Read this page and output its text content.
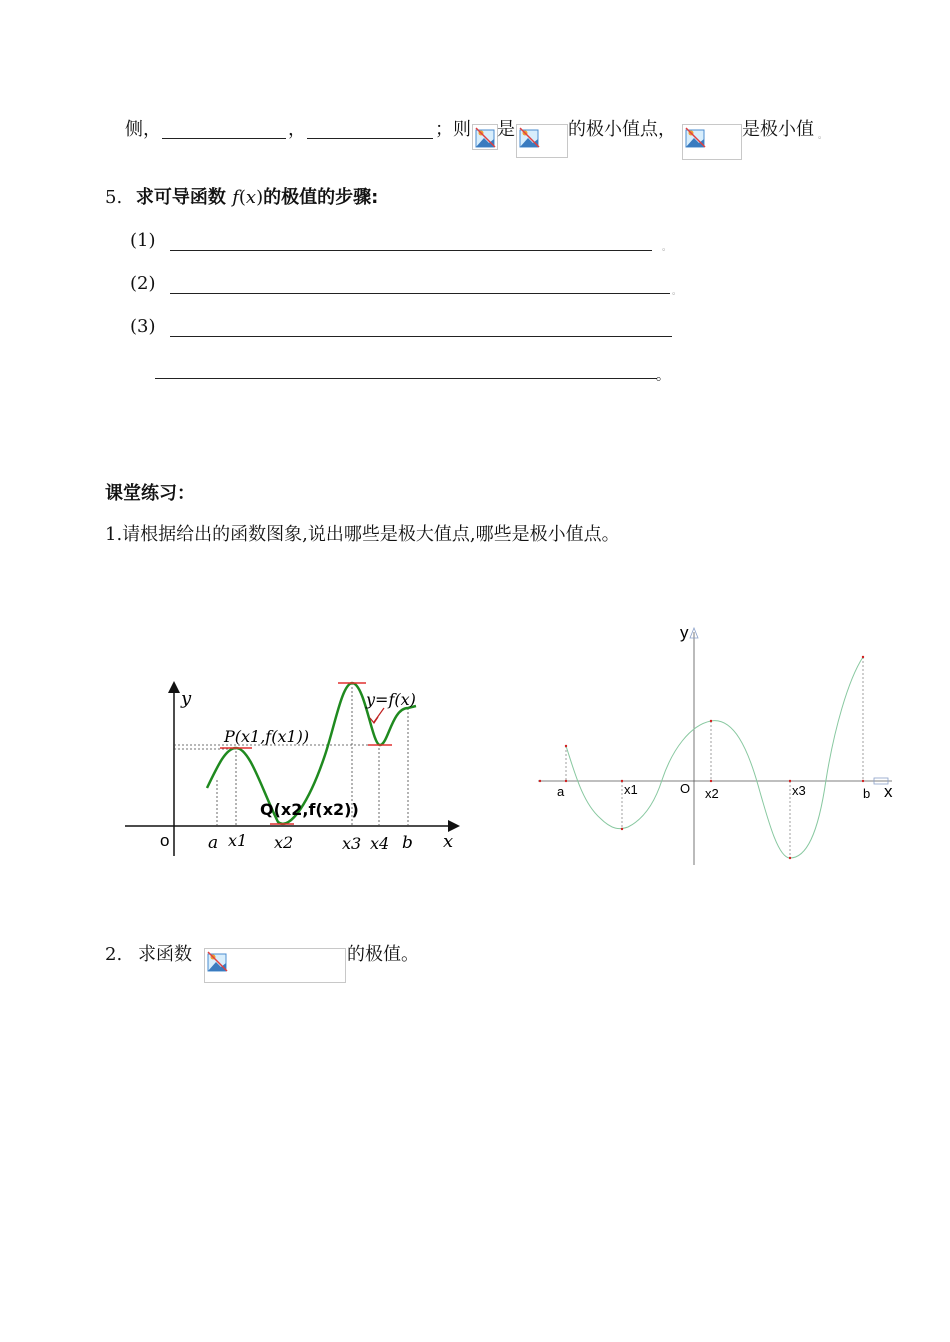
侧，	，	；则 是	的极小值点，	是极小值 。
5. 求可导函数 f(x)的极值的步骤:
(1)	。
(2)	。
(3)
。
课堂练习：
1.请根据给出的函数图象,说出哪些是极大值点,哪些是极小值点。
y
x
o a x1 x2	x3 x4 b
P(x1,f(x1))
Q(x2,f(x2))
y=f(x)
y
x
O
a	x1	x2	x3	b
2. 求函数	的极值。
